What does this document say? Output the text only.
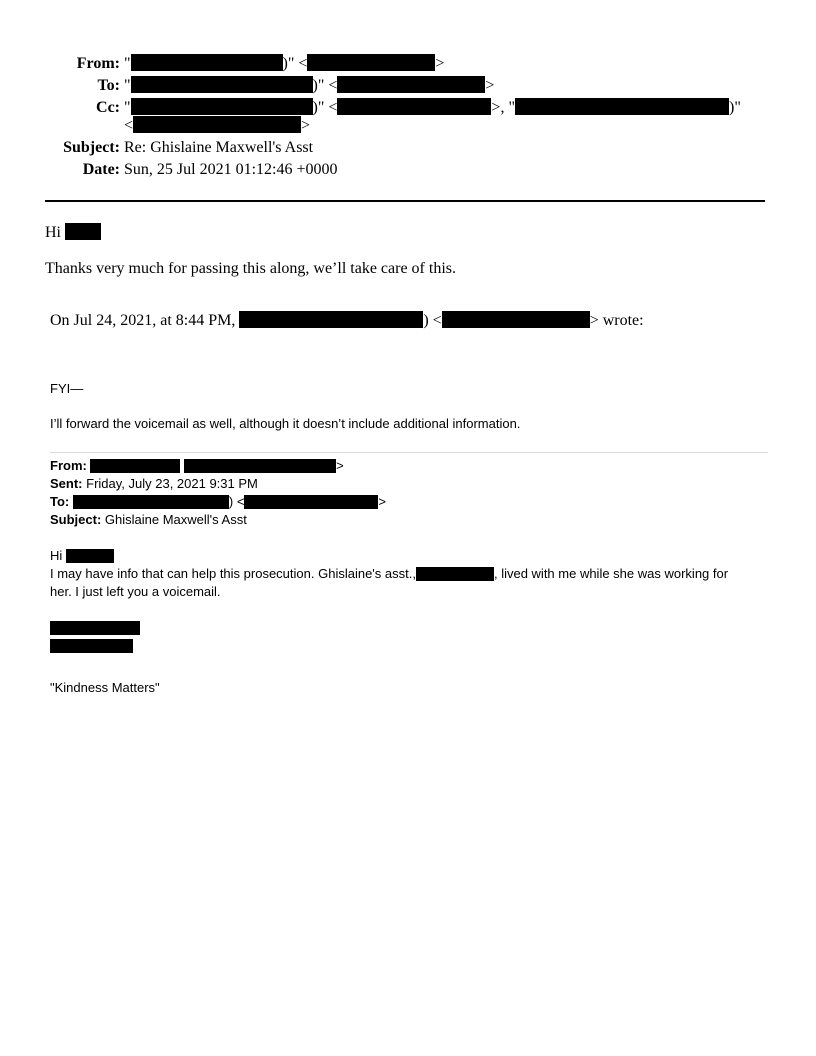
From: "	)" <	>
To: "	)" <	>
Cc: "	)" <	>, "	)"
<	>
Subject: Re: Ghislaine Maxwell's Asst
Date: Sun, 25 Jul 2021 01:12:46 +0000
Hi
Thanks very much for passing this along, we’ll take care of this.
On Jul 24, 2021, at 8:44 PM,	) <	> wrote:
FYI—
I’ll forward the voicemail as well, although it doesn’t include additional information.
From:	>
Sent: Friday, July 23, 2021 9:31 PM
To:	) <	>
Subject: Ghislaine Maxwell's Asst
Hi
I may have info that can help this prosecution. Ghislaine's asst.,	, lived with me while she was working for
her. I just left you a voicemail.
"Kindness Matters"
